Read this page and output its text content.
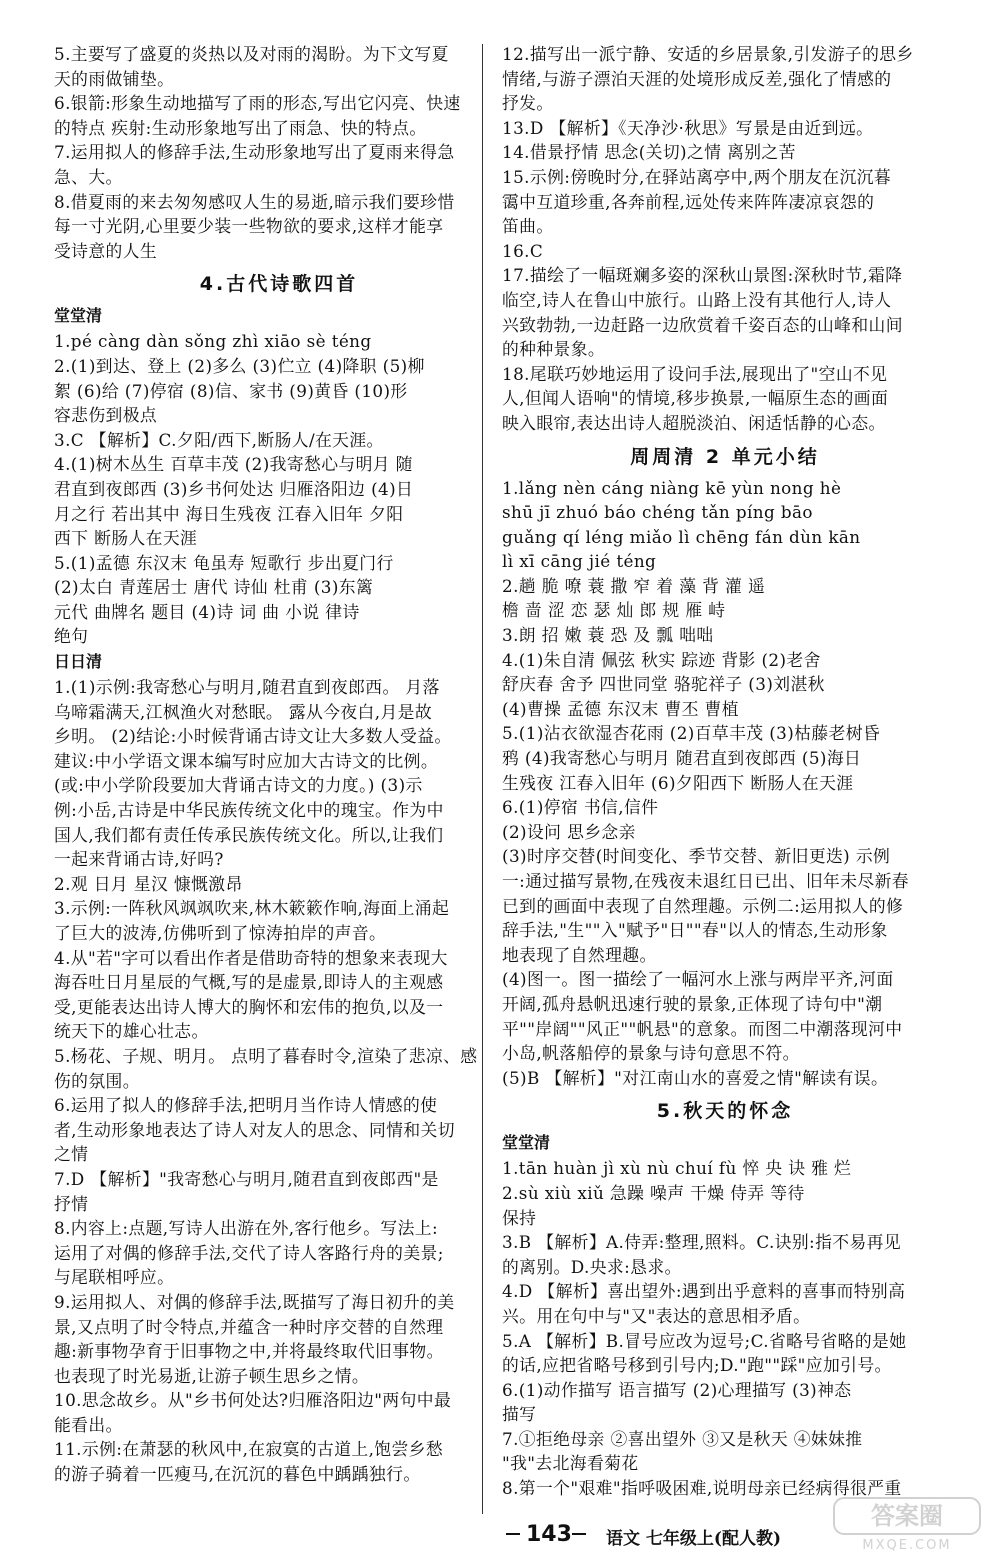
5.主要写了盛夏的炎热以及对雨的渴盼。为下文写夏
天的雨做铺垫。
6.银箭:形象生动地描写了雨的形态,写出它闪亮、快速
的特点 疾射:生动形象地写出了雨急、快的特点。
7.运用拟人的修辞手法,生动形象地写出了夏雨来得急
急、大。
8.借夏雨的来去匆匆感叹人生的易逝,暗示我们要珍惜
每一寸光阴,心里要少装一些物欲的要求,这样才能享
受诗意的人生
4.古代诗歌四首
堂堂清
1.pé càng dàn sǒng zhì xiāo sè téng
2.(1)到达、登上 (2)多么 (3)伫立 (4)降职 (5)柳
絮 (6)给 (7)停宿 (8)信、家书 (9)黄昏 (10)形
容悲伤到极点
3.C 【解析】C.夕阳/西下,断肠人/在天涯。
4.(1)树木丛生 百草丰茂 (2)我寄愁心与明月 随
君直到夜郎西 (3)乡书何处达 归雁洛阳边 (4)日
月之行 若出其中 海日生残夜 江春入旧年 夕阳
西下 断肠人在天涯
5.(1)孟德 东汉末 龟虽寿 短歌行 步出夏门行
(2)太白 青莲居士 唐代 诗仙 杜甫 (3)东篱
元代 曲牌名 题目 (4)诗 词 曲 小说 律诗
绝句
日日清
1.(1)示例:我寄愁心与明月,随君直到夜郎西。 月落
乌啼霜满天,江枫渔火对愁眠。 露从今夜白,月是故
乡明。 (2)结论:小时候背诵古诗文让大多数人受益。
建议:中小学语文课本编写时应加大古诗文的比例。
(或:中小学阶段要加大背诵古诗文的力度。) (3)示
例:小岳,古诗是中华民族传统文化中的瑰宝。作为中
国人,我们都有责任传承民族传统文化。所以,让我们
一起来背诵古诗,好吗?
2.观 日月 星汉 慷慨激昂
3.示例:一阵秋风飒飒吹来,林木簌簌作响,海面上涌起
了巨大的波涛,仿佛听到了惊涛拍岸的声音。
4.从"若"字可以看出作者是借助奇特的想象来表现大
海吞吐日月星辰的气概,写的是虚景,即诗人的主观感
受,更能表达出诗人博大的胸怀和宏伟的抱负,以及一
统天下的雄心壮志。
5.杨花、子规、明月。 点明了暮春时令,渲染了悲凉、感
伤的氛围。
6.运用了拟人的修辞手法,把明月当作诗人情感的使
者,生动形象地表达了诗人对友人的思念、同情和关切
之情
7.D 【解析】"我寄愁心与明月,随君直到夜郎西"是
抒情
8.内容上:点题,写诗人出游在外,客行他乡。写法上:
运用了对偶的修辞手法,交代了诗人客路行舟的美景;
与尾联相呼应。
9.运用拟人、对偶的修辞手法,既描写了海日初升的美
景,又点明了时令特点,并蕴含一种时序交替的自然理
趣:新事物孕育于旧事物之中,并将最终取代旧事物。
也表现了时光易逝,让游子顿生思乡之情。
10.思念故乡。从"乡书何处达?归雁洛阳边"两句中最
能看出。
11.示例:在萧瑟的秋风中,在寂寞的古道上,饱尝乡愁
的游子骑着一匹瘦马,在沉沉的暮色中踽踽独行。
12.描写出一派宁静、安适的乡居景象,引发游子的思乡
情绪,与游子漂泊天涯的处境形成反差,强化了情感的
抒发。
13.D 【解析】《天净沙·秋思》写景是由近到远。
14.借景抒情 思念(关切)之情 离别之苦
15.示例:傍晚时分,在驿站离亭中,两个朋友在沉沉暮
霭中互道珍重,各奔前程,远处传来阵阵凄凉哀怨的
笛曲。
16.C
17.描绘了一幅斑斓多姿的深秋山景图:深秋时节,霜降
临空,诗人在鲁山中旅行。山路上没有其他行人,诗人
兴致勃勃,一边赶路一边欣赏着千姿百态的山峰和山间
的种种景象。
18.尾联巧妙地运用了设问手法,展现出了"空山不见
人,但闻人语响"的情境,移步换景,一幅原生态的画面
映入眼帘,表达出诗人超脱淡泊、闲适恬静的心态。
周周清 2 单元小结
1.lǎng nèn cáng niàng kē yùn nong hè
shū jī zhuó báo chéng tǎn píng bāo
guǎng qí léng miǎo lì chēng fán dùn kān
lì xī cāng jié téng
2.趟 脆 嘹 蓑 撒 窄 着 藻 背 灌 遥
檐 啬 涩 恋 瑟 灿 郎 规 雁 峙
3.朗 招 嫩 蓑 恐 及 瓢 咄咄
4.(1)朱自清 佩弦 秋实 踪迹 背影 (2)老舍
舒庆春 舍予 四世同堂 骆驼祥子 (3)刘湛秋
(4)曹操 孟德 东汉末 曹丕 曹植
5.(1)沾衣欲湿杏花雨 (2)百草丰茂 (3)枯藤老树昏
鸦 (4)我寄愁心与明月 随君直到夜郎西 (5)海日
生残夜 江春入旧年 (6)夕阳西下 断肠人在天涯
6.(1)停宿 书信,信件
(2)设问 思乡念亲
(3)时序交替(时间变化、季节交替、新旧更迭) 示例
一:通过描写景物,在残夜未退红日已出、旧年未尽新春
已到的画面中表现了自然理趣。示例二:运用拟人的修
辞手法,"生""入"赋予"日""春"以人的情态,生动形象
地表现了自然理趣。
(4)图一。图一描绘了一幅河水上涨与两岸平齐,河面
开阔,孤舟悬帆迅速行驶的景象,正体现了诗句中"潮
平""岸阔""风正""帆悬"的意象。而图二中潮落现河中
小岛,帆落船停的景象与诗句意思不符。
(5)B 【解析】"对江南山水的喜爱之情"解读有误。
5.秋天的怀念
堂堂清
1.tān huàn jì xù nù chuí fù 悴 央 诀 雅 烂
2.sù xiù xiǔ 急躁 噪声 干燥 侍弄 等待
保持
3.B 【解析】A.侍弄:整理,照料。C.诀别:指不易再见
的离别。D.央求:恳求。
4.D 【解析】喜出望外:遇到出乎意料的喜事而特别高
兴。用在句中与"又"表达的意思相矛盾。
5.A 【解析】B.冒号应改为逗号;C.省略号省略的是她
的话,应把省略号移到引号内;D."跑""踩"应加引号。
6.(1)动作描写 语言描写 (2)心理描写 (3)神态
描写
7.①拒绝母亲 ②喜出望外 ③又是秋天 ④妹妹推
"我"去北海看菊花
8.第一个"艰难"指呼吸困难,说明母亲已经病得很严重
143 语文 七年级上(配人教)
答案圈
MXQE.COM
